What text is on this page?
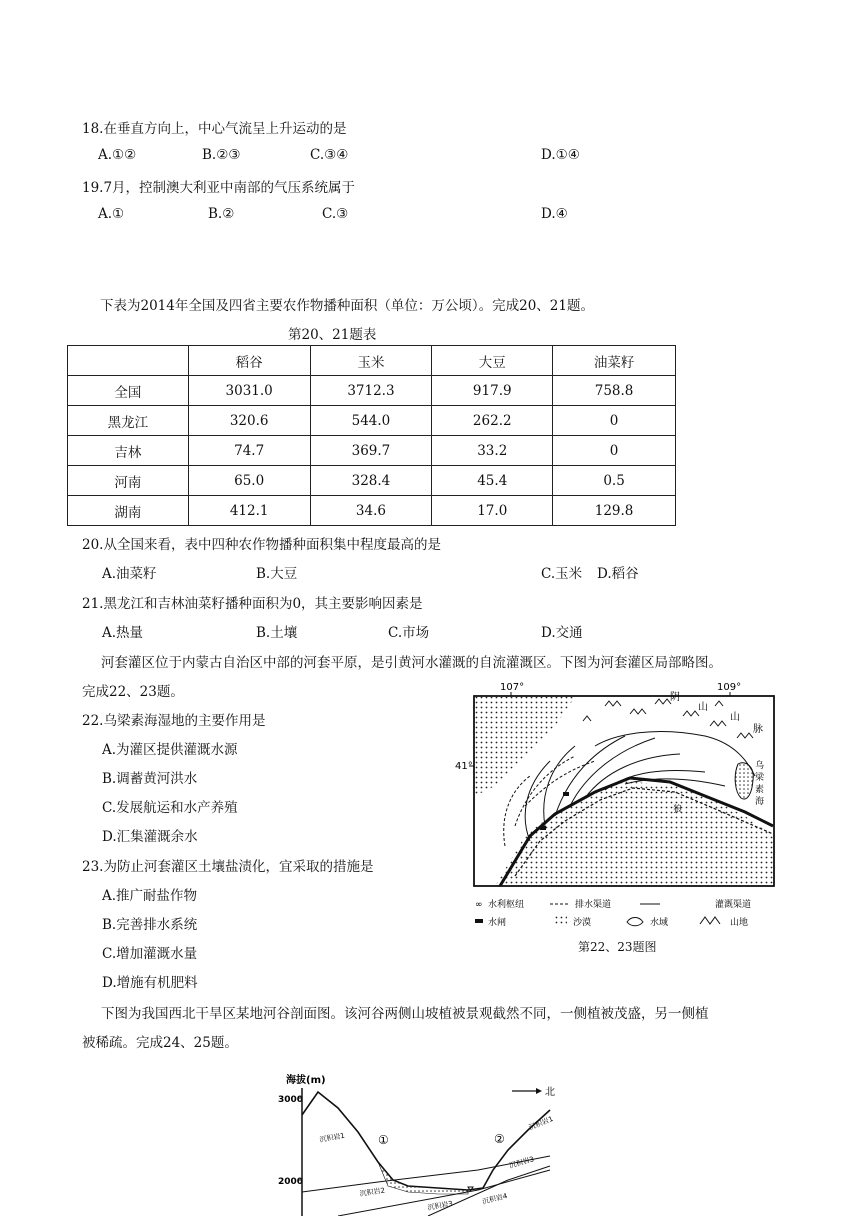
18.在垂直方向上，中心气流呈上升运动的是
A.①②	B.②③	C.③④	D.①④
19.7月，控制澳大利亚中南部的气压系统属于
A.①	B.②	C.③	D.④
下表为2014年全国及四省主要农作物播种面积（单位：万公顷）。完成20、21题。
第20、21题表
	稻谷	玉米	大豆	油菜籽
全国	3031.0	3712.3	917.9	758.8
黑龙江	320.6	544.0	262.2	0
吉林	74.7	369.7	33.2	0
河南	65.0	328.4	45.4	0.5
湖南	412.1	34.6	17.0	129.8
20.从全国来看，表中四种农作物播种面积集中程度最高的是
A.油菜籽	B.大豆	C.玉米 D.稻谷
21.黑龙江和吉林油菜籽播种面积为0，其主要影响因素是
A.热量	B.土壤	C.市场	D.交通
河套灌区位于内蒙古自治区中部的河套平原，是引黄河水灌溉的自流灌溉区。下图为河套灌区局部略图。
完成22、23题。
22.乌梁素海湿地的主要作用是
A.为灌区提供灌溉水源
B.调蓄黄河洪水
C.发展航运和水产养殖
D.汇集灌溉余水
23.为防止河套灌区土壤盐渍化，宜采取的措施是
A.推广耐盐作物
B.完善排水系统
C.增加灌溉水量
D.增施有机肥料
107°	109°
41°
阴
山
山
脉
乌
梁
素
海
狼
∞ 水利枢纽	排水渠道	灌溉渠道
水闸	沙漠	水域	山地
第22、23题图
下图为我国西北干旱区某地河谷剖面图。该河谷两侧山坡植被景观截然不同，一侧植被茂盛，另一侧植
被稀疏。完成24、25题。
海拔(m)
3000
2000
北
①	②
沉积岩1
沉积岩2
沉积岩3	沉积岩4
沉积岩3
沉积岩1
